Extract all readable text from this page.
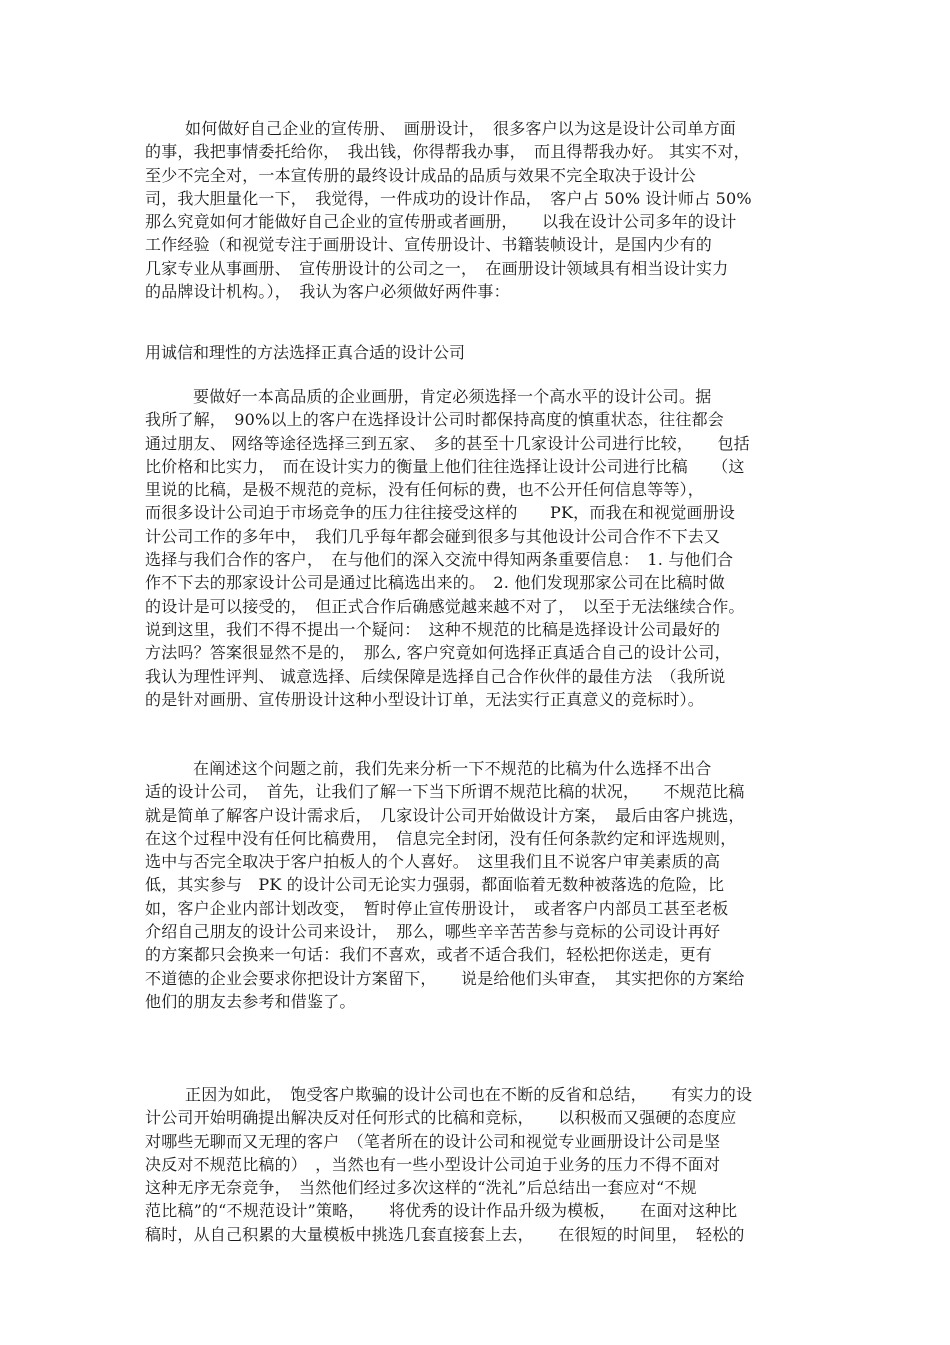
如何做好自己企业的宣传册、　画册设计，　很多客户以为这是设计公司单方面
的事，我把事情委托给你，　我出钱，你得帮我办事，　而且得帮我办好。 其实不对，
至少不完全对，一本宣传册的最终设计成品的品质与效果不完全取决于设计公
司，我大胆量化一下，　我觉得，一件成功的设计作品，　客户占 50% 设计师占 50%
那么究竟如何才能做好自己企业的宣传册或者画册，　　以我在设计公司多年的设计
工作经验（和视觉专注于画册设计、宣传册设计、书籍装帧设计，是国内少有的
几家专业从事画册、　宣传册设计的公司之一，　在画册设计领域具有相当设计实力
的品牌设计机构。），　我认为客户必须做好两件事：
用诚信和理性的方法选择正真合适的设计公司
要做好一本高品质的企业画册，肯定必须选择一个高水平的设计公司。据
我所了解，　90%以上的客户在选择设计公司时都保持高度的慎重状态，往往都会
通过朋友、 网络等途径选择三到五家、　多的甚至十几家设计公司进行比较，　　包括
比价格和比实力，　而在设计实力的衡量上他们往往选择让设计公司进行比稿　　（这
里说的比稿，是极不规范的竞标，没有任何标的费，也不公开任何信息等等），
而很多设计公司迫于市场竞争的压力往往接受这样的　　PK，而我在和视觉画册设
计公司工作的多年中，　我们几乎每年都会碰到很多与其他设计公司合作不下去又
选择与我们合作的客户，　在与他们的深入交流中得知两条重要信息：　1. 与他们合
作不下去的那家设计公司是通过比稿选出来的。　2. 他们发现那家公司在比稿时做
的设计是可以接受的，　但正式合作后确感觉越来越不对了，　以至于无法继续合作。
说到这里，我们不得不提出一个疑问：　这种不规范的比稿是选择设计公司最好的
方法吗？答案很显然不是的，　那么, 客户究竟如何选择正真适合自己的设计公司，
我认为理性评判、 诚意选择、后续保障是选择自己合作伙伴的最佳方法　（我所说
的是针对画册、宣传册设计这种小型设计订单，无法实行正真意义的竞标时）。
在阐述这个问题之前，我们先来分析一下不规范的比稿为什么选择不出合
适的设计公司，　首先，让我们了解一下当下所谓不规范比稿的状况，　　不规范比稿
就是简单了解客户设计需求后，　几家设计公司开始做设计方案，　最后由客户挑选，
在这个过程中没有任何比稿费用，　信息完全封闭，没有任何条款约定和评选规则，
选中与否完全取决于客户拍板人的个人喜好。　这里我们且不说客户审美素质的高
低，其实参与　PK 的设计公司无论实力强弱，都面临着无数种被落选的危险，比
如，客户企业内部计划改变，　暂时停止宣传册设计，　或者客户内部员工甚至老板
介绍自己朋友的设计公司来设计，　那么，哪些辛辛苦苦参与竞标的公司设计再好
的方案都只会换来一句话：我们不喜欢，或者不适合我们，轻松把你送走，更有
不道德的企业会要求你把设计方案留下，　　说是给他们头审查，　其实把你的方案给
他们的朋友去参考和借鉴了。
正因为如此，　饱受客户欺骗的设计公司也在不断的反省和总结，　　有实力的设
计公司开始明确提出解决反对任何形式的比稿和竞标，　　以积极而又强硬的态度应
对哪些无聊而又无理的客户　（笔者所在的设计公司和视觉专业画册设计公司是坚
决反对不规范比稿的）　，当然也有一些小型设计公司迫于业务的压力不得不面对
这种无序无奈竞争，　当然他们经过多次这样的“洗礼”后总结出一套应对“不规
范比稿”的“不规范设计”策略，　　将优秀的设计作品升级为模板，　　在面对这种比
稿时，从自己积累的大量模板中挑选几套直接套上去，　　在很短的时间里，　轻松的
